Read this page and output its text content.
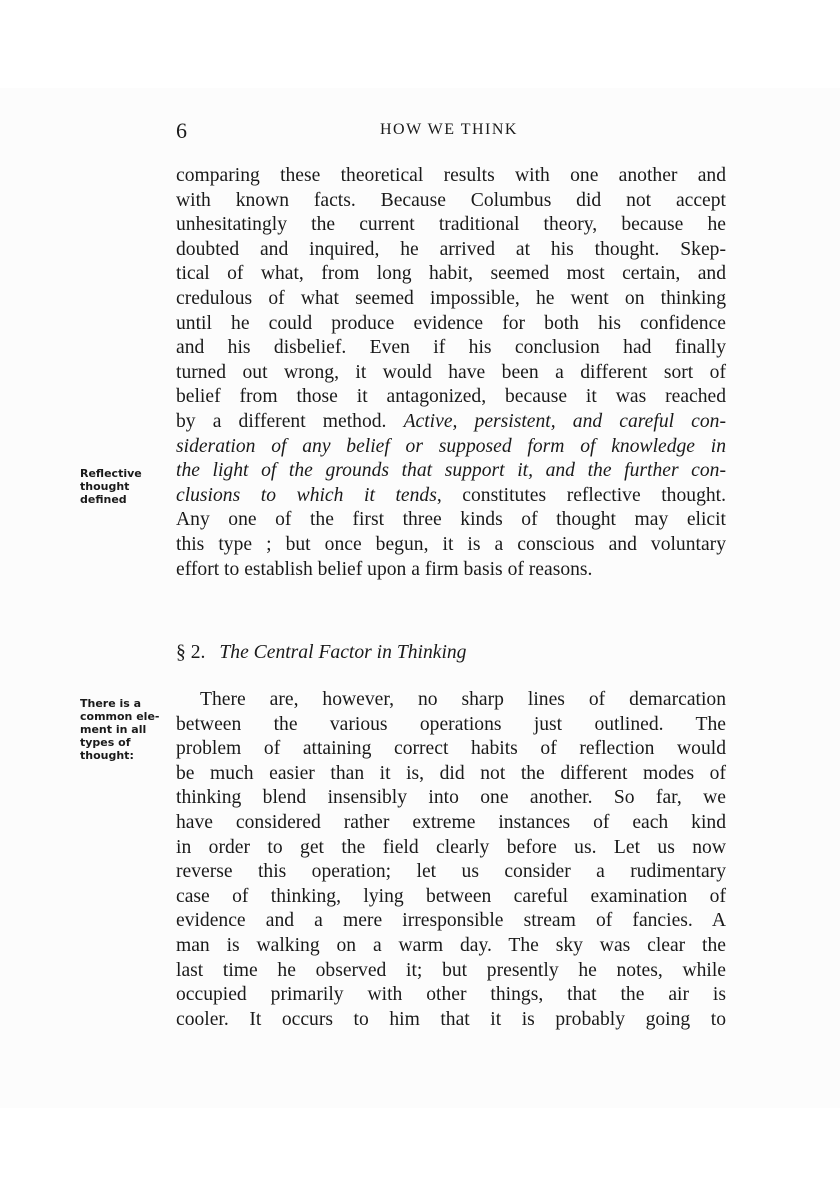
6	HOW WE THINK
comparing these theoretical results with one another and
with known facts. Because Columbus did not accept
unhesitatingly the current traditional theory, because he
doubted and inquired, he arrived at his thought. Skep-
tical of what, from long habit, seemed most certain, and
credulous of what seemed impossible, he went on thinking
until he could produce evidence for both his confidence
and his disbelief. Even if his conclusion had finally
turned out wrong, it would have been a different sort of
belief from those it antagonized, because it was reached
by a different method. Active, persistent, and careful con-
sideration of any belief or supposed form of knowledge in
the light of the grounds that support it, and the further con-
clusions to which it tends, constitutes reflective thought.
Any one of the first three kinds of thought may elicit
this type ; but once begun, it is a conscious and voluntary
effort to establish belief upon a firm basis of reasons.
§ 2. The Central Factor in Thinking
There are, however, no sharp lines of demarcation
between the various operations just outlined. The
problem of attaining correct habits of reflection would
be much easier than it is, did not the different modes of
thinking blend insensibly into one another. So far, we
have considered rather extreme instances of each kind
in order to get the field clearly before us. Let us now
reverse this operation; let us consider a rudimentary
case of thinking, lying between careful examination of
evidence and a mere irresponsible stream of fancies. A
man is walking on a warm day. The sky was clear the
last time he observed it; but presently he notes, while
occupied primarily with other things, that the air is
cooler. It occurs to him that it is probably going to
Reflective
thought
defined
There is a
common ele-
ment in all
types of
thought:
